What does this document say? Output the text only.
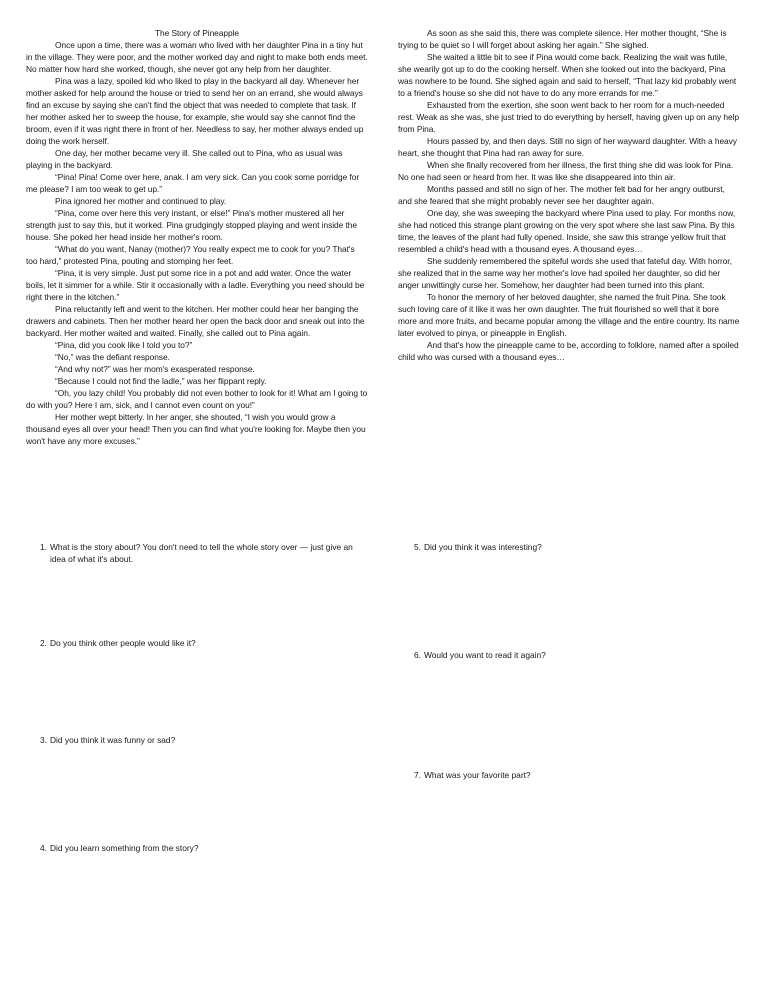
The Story of Pineapple

Once upon a time, there was a woman who lived with her daughter Pina in a tiny hut in the village. They were poor, and the mother worked day and night to make both ends meet. No matter how hard she worked, though, she never got any help from her daughter.

Pina was a lazy, spoiled kid who liked to play in the backyard all day. Whenever her mother asked for help around the house or tried to send her on an errand, she would always find an excuse by saying she can't find the object that was needed to complete that task. If her mother asked her to sweep the house, for example, she would say she cannot find the broom, even if it was right there in front of her. Needless to say, her mother always ended up doing the work herself.

One day, her mother became very ill. She called out to Pina, who as usual was playing in the backyard.

“Pina! Pina! Come over here, anak. I am very sick. Can you cook some porridge for me please? I am too weak to get up.”

Pina ignored her mother and continued to play.

“Pina, come over here this very instant, or else!” Pina's mother mustered all her strength just to say this, but it worked. Pina grudgingly stopped playing and went inside the house. She poked her head inside her mother's room.

“What do you want, Nanay (mother)? You really expect me to cook for you? That's too hard,” protested Pina, pouting and stomping her feet.

“Pina, it is very simple. Just put some rice in a pot and add water. Once the water boils, let it simmer for a while. Stir it occasionally with a ladle. Everything you need should be right there in the kitchen.”

Pina reluctantly left and went to the kitchen. Her mother could hear her banging the drawers and cabinets. Then her mother heard her open the back door and sneak out into the backyard. Her mother waited and waited. Finally, she called out to Pina again.

“Pina, did you cook like I told you to?”

“No,” was the defiant response.

“And why not?” was her mom's exasperated response.

“Because I could not find the ladle,” was her flippant reply.

“Oh, you lazy child! You probably did not even bother to look for it! What am I going to do with you? Here I am, sick, and I cannot even count on you!”

Her mother wept bitterly. In her anger, she shouted, “I wish you would grow a thousand eyes all over your head! Then you can find what you're looking for. Maybe then you won't have any more excuses.”

As soon as she said this, there was complete silence. Her mother thought, “She is trying to be quiet so I will forget about asking her again.” She sighed.

She waited a little bit to see if Pina would come back. Realizing the wait was futile, she wearily got up to do the cooking herself. When she looked out into the backyard, Pina was nowhere to be found. She sighed again and said to herself, “That lazy kid probably went to a friend's house so she did not have to do any more errands for me.”

Exhausted from the exertion, she soon went back to her room for a much-needed rest. Weak as she was, she just tried to do everything by herself, having given up on any help from Pina.

Hours passed by, and then days. Still no sign of her wayward daughter. With a heavy heart, she thought that Pina had ran away for sure.

When she finally recovered from her illness, the first thing she did was look for Pina. No one had seen or heard from her. It was like she disappeared into thin air.

Months passed and still no sign of her. The mother felt bad for her angry outburst, and she feared that she might probably never see her daughter again.

One day, she was sweeping the backyard where Pina used to play. For months now, she had noticed this strange plant growing on the very spot where she last saw Pina. By this time, the leaves of the plant had fully opened. Inside, she saw this strange yellow fruit that resembled a child's head with a thousand eyes. A thousand eyes…

She suddenly remembered the spiteful words she used that fateful day. With horror, she realized that in the same way her mother's love had spoiled her daughter, so did her anger unwittingly curse her. Somehow, her daughter had been turned into this plant.

To honor the memory of her beloved daughter, she named the fruit Pina. She took such loving care of it like it was her own daughter. The fruit flourished so well that it bore more and more fruits, and became popular among the village and the entire country. Its name later evolved to pinya, or pineapple in English.

And that's how the pineapple came to be, according to folklore, named after a spoiled child who was cursed with a thousand eyes…

1. What is the story about? You don't need to tell the whole story over — just give an idea of what it's about.
2. Do you think other people would like it?
3. Did you think it was funny or sad?
4. Did you learn something from the story?
5. Did you think it was interesting?
6. Would you want to read it again?
7. What was your favorite part?
